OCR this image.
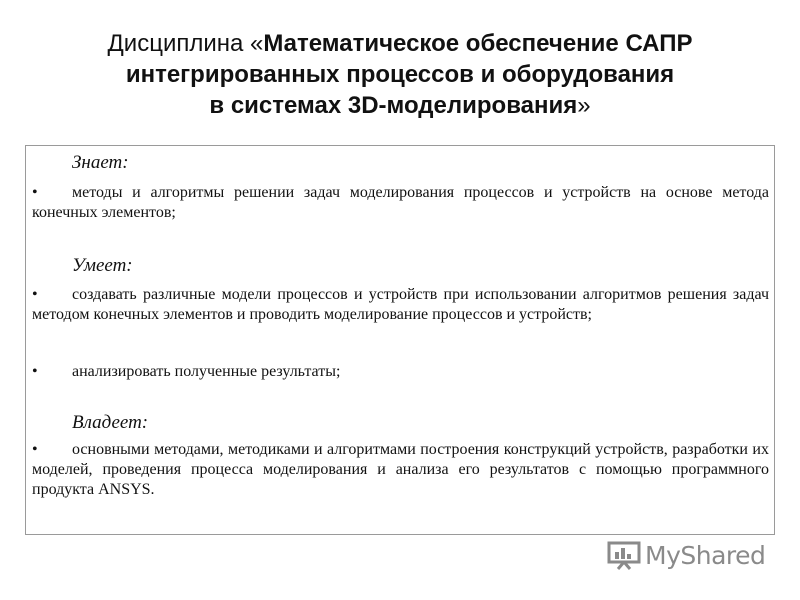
Дисциплина «Математическое обеспечение САПР
интегрированных процессов и оборудования
в системах 3D-моделирования»
Знает:
• методы и алгоритмы решении задач моделирования процессов и устройств на основе метода конечных элементов;
Умеет:
• создавать различные модели процессов и устройств при использовании алгоритмов решения задач методом конечных элементов и проводить моделирование процессов и устройств;
• анализировать полученные результаты;
Владеет:
• основными методами, методиками и алгоритмами построения конструкций устройств, разработки их моделей, проведения процесса моделирования и анализа его результатов с помощью программного продукта ANSYS.
MyShared
